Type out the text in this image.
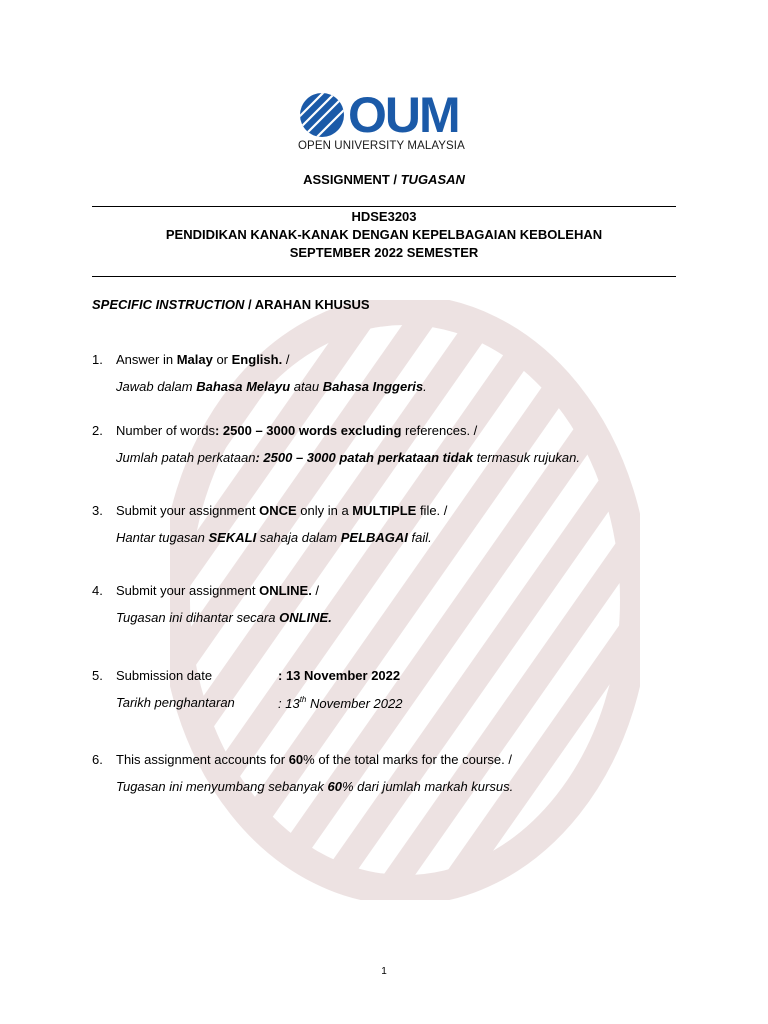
OUM
OPEN UNIVERSITY MALAYSIA
ASSIGNMENT / TUGASAN
HDSE3203
PENDIDIKAN KANAK-KANAK DENGAN KEPELBAGAIAN KEBOLEHAN
SEPTEMBER 2022 SEMESTER
SPECIFIC INSTRUCTION / ARAHAN KHUSUS
1. Answer in Malay or English. /
Jawab dalam Bahasa Melayu atau Bahasa Inggeris.
2. Number of words: 2500 – 3000 words excluding references. /
Jumlah patah perkataan: 2500 – 3000 patah perkataan tidak termasuk rujukan.
3. Submit your assignment ONCE only in a MULTIPLE file. /
Hantar tugasan SEKALI sahaja dalam PELBAGAI fail.
4. Submit your assignment ONLINE. /
Tugasan ini dihantar secara ONLINE.
5. Submission date	: 13 November 2022
Tarikh penghantaran	: 13th November 2022
6. This assignment accounts for 60% of the total marks for the course. /
Tugasan ini menyumbang sebanyak 60% dari jumlah markah kursus.
1
